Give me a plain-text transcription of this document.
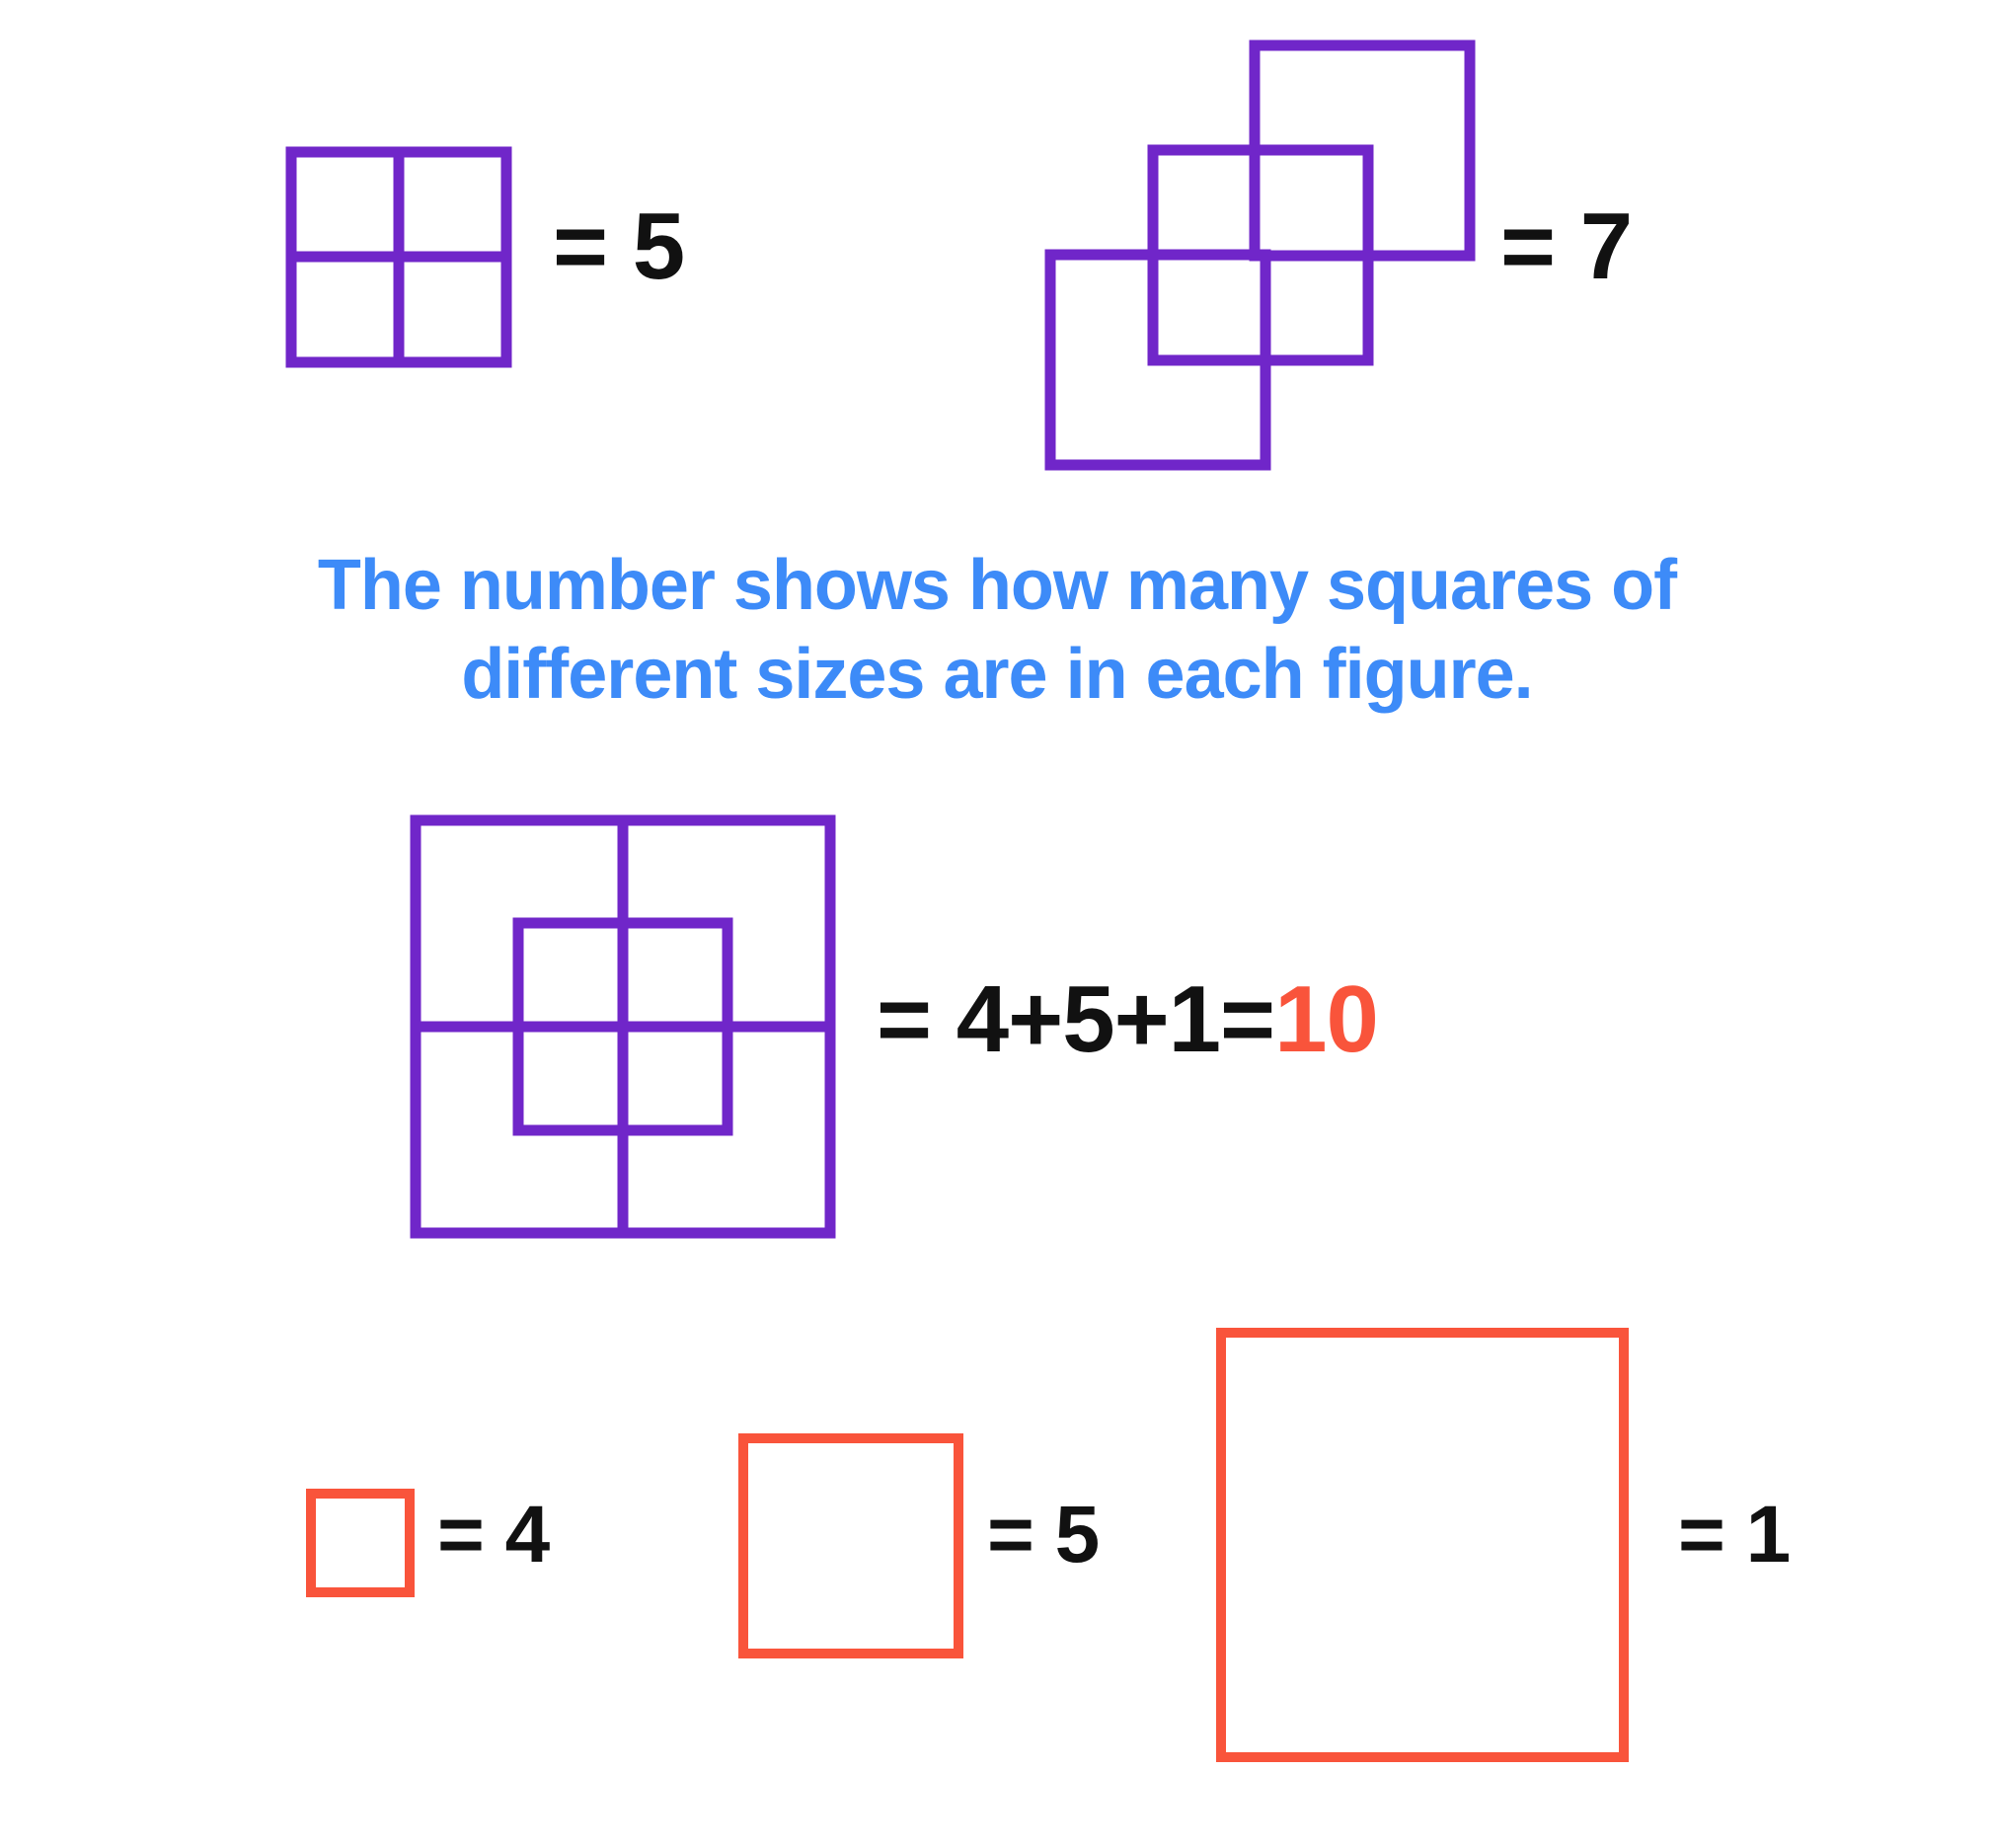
= 5	= 7
The number shows how many squares of
different sizes are in each figure.
= 4+5+1=10
= 4	= 5	= 1
